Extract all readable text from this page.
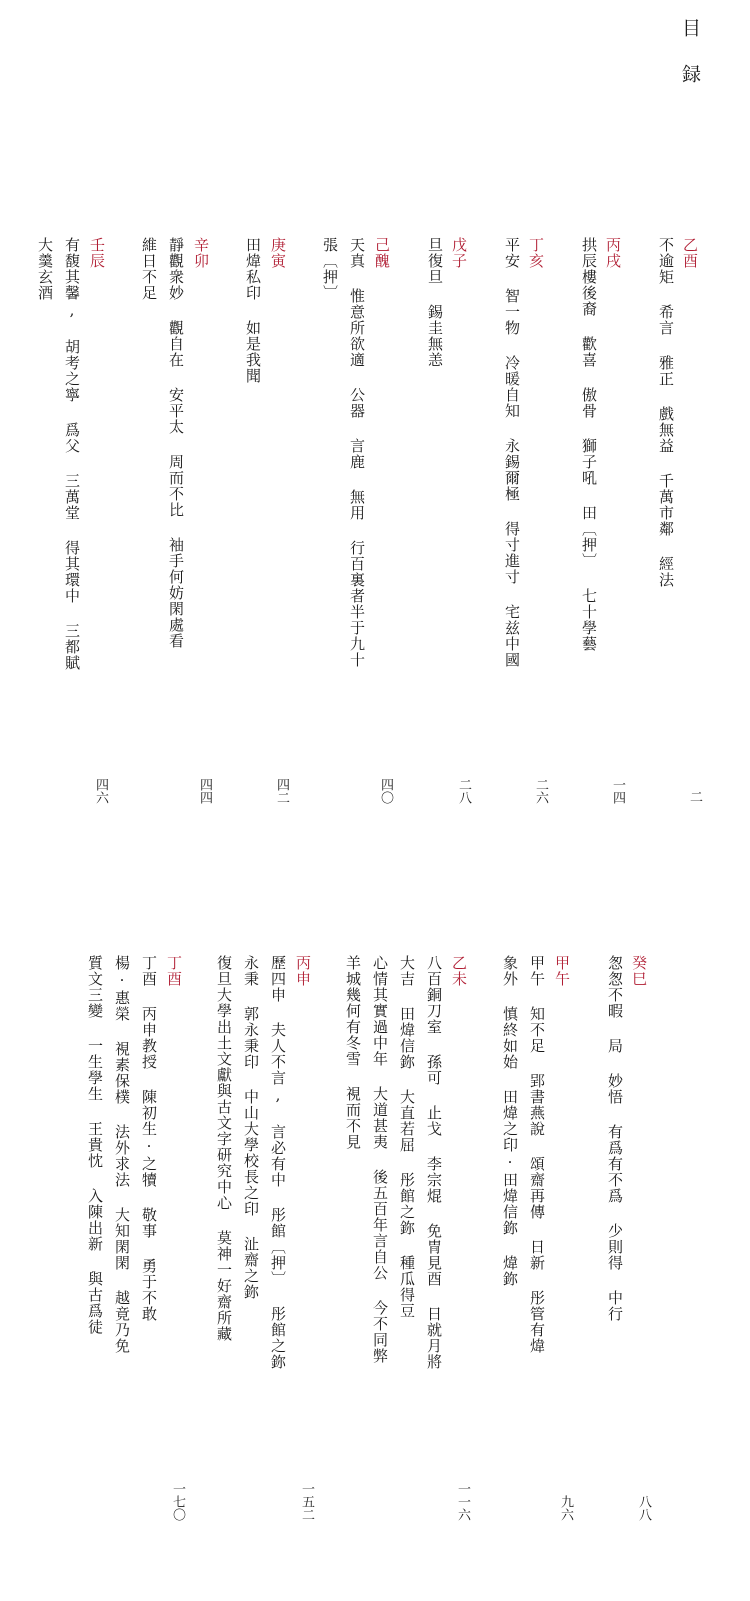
目
録
乙酉
不逾矩 希言 雅正 戲無益 千萬市鄰 經法
二
丙戌
拱辰樓後裔 歡喜 傲骨 獅子吼 田〔押〕 七十學藝
一四
丁亥
平安 智一物 冷暖自知 永錫爾極 得寸進寸 宅兹中國
二六
戊子
旦復旦 錫圭無恙
二八
己醜
天真 惟意所欲適 公器 言鹿 無用 行百裏者半于九十
張〔押〕
四〇
庚寅
田煒私印 如是我聞
四二
辛卯
靜觀衆妙 觀自在 安平太 周而不比 袖手何妨閑處看
維日不足
四四
壬辰
有馥其馨, 胡考之寧 爲父 三萬堂 得其環中 三都賦
大羹玄酒
四六
癸巳
怱怱不暇 局 妙悟 有爲有不爲 少則得 中行
八八
甲午
甲午 知不足 郢書燕說 頌齋再傳 日新 彤管有煒
象外 慎終如始 田煒之印·田煒信鉨 煒鉨
九六
乙未
八百銅刀室 孫可 止戈 李宗焜 免冑見酉 日就月將
大吉 田煒信鉨 大直若屈 彤館之鉨 種瓜得豆
心情其實過中年 大道甚夷 後五百年言自公 今不同弊
羊城幾何有冬雪 視而不見
一一六
丙申
歷四申 夫人不言, 言必有中 彤館〔押〕 彤館之鉨
永秉 郭永秉印 中山大學校長之印 沚齋之鉨
復旦大學出土文獻與古文字研究中心 莫神一好齋所藏
一五二
丁酉
丁酉 丙申教授 陳初生·之犢 敬事 勇于不敢
楊·惠榮 視素保樸 法外求法 大知閑閑 越竟乃免
質文三變 一生學生 王貴忱 入陳出新 與古爲徒
一七〇
